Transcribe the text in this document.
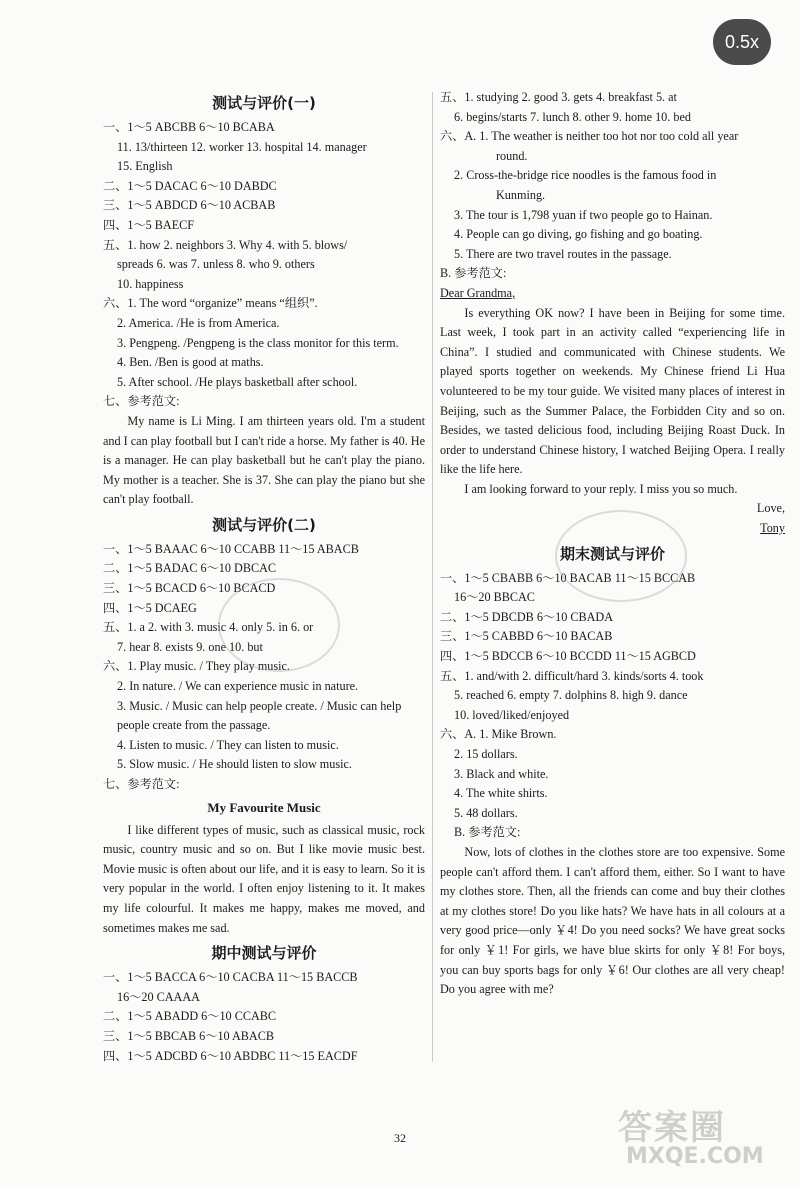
测试与评价(一)
一、1～5 ABCBB 6～10 BCABA
11. 13/thirteen 12. worker 13. hospital 14. manager
15. English
二、1～5 DACAC 6～10 DABDC
三、1～5 ABDCD 6～10 ACBAB
四、1～5 BAECF
五、1. how 2. neighbors 3. Why 4. with 5. blows/
spreads 6. was 7. unless 8. who 9. others
10. happiness
六、1. The word “organize” means “组织”.
2. America. /He is from America.
3. Pengpeng. /Pengpeng is the class monitor for this term.
4. Ben. /Ben is good at maths.
5. After school. /He plays basketball after school.
七、参考范文:
My name is Li Ming. I am thirteen years old. I'm a student and I can play football but I can't ride a horse. My father is 40. He is a manager. He can play basketball but he can't play the piano. My mother is a teacher. She is 37. She can play the piano but she can't play football.
测试与评价(二)
一、1～5 BAAAC 6～10 CCABB 11～15 ABACB
二、1～5 BADAC 6～10 DBCAC
三、1～5 BCACD 6～10 BCACD
四、1～5 DCAEG
五、1. a 2. with 3. music 4. only 5. in 6. or
7. hear 8. exists 9. one 10. but
六、1. Play music. / They play music.
2. In nature. / We can experience music in nature.
3. Music. / Music can help people create. / Music can help
people create from the passage.
4. Listen to music. / They can listen to music.
5. Slow music. / He should listen to slow music.
七、参考范文:
My Favourite Music
I like different types of music, such as classical music, rock music, country music and so on. But I like movie music best. Movie music is often about our life, and it is easy to learn. So it is very popular in the world. I often enjoy listening to it. It makes my life colourful. It makes me happy, makes me moved, and sometimes makes me sad.
期中测试与评价
一、1～5 BACCA 6～10 CACBA 11～15 BACCB
16～20 CAAAA
二、1～5 ABADD 6～10 CCABC
三、1～5 BBCAB 6～10 ABACB
四、1～5 ADCBD 6～10 ABDBC 11～15 EACDF
五、1. studying 2. good 3. gets 4. breakfast 5. at
6. begins/starts 7. lunch 8. other 9. home 10. bed
六、A. 1. The weather is neither too hot nor too cold all year
round.
2. Cross-the-bridge rice noodles is the famous food in
Kunming.
3. The tour is 1,798 yuan if two people go to Hainan.
4. People can go diving, go fishing and go boating.
5. There are two travel routes in the passage.
B. 参考范文:
Dear Grandma,
Is everything OK now? I have been in Beijing for some time. Last week, I took part in an activity called “experiencing life in China”. I studied and communicated with Chinese students. We played sports together on weekends. My Chinese friend Li Hua volunteered to be my tour guide. We visited many places of interest in Beijing, such as the Summer Palace, the Forbidden City and so on. Besides, we tasted delicious food, including Beijing Roast Duck. In order to understand Chinese history, I watched Beijing Opera. I really like the life here.
I am looking forward to your reply. I miss you so much.
Love,
Tony
期末测试与评价
一、1～5 CBABB 6～10 BACAB 11～15 BCCAB
16～20 BBCAC
二、1～5 DBCDB 6～10 CBADA
三、1～5 CABBD 6～10 BACAB
四、1～5 BDCCB 6～10 BCCDD 11～15 AGBCD
五、1. and/with 2. difficult/hard 3. kinds/sorts 4. took
5. reached 6. empty 7. dolphins 8. high 9. dance
10. loved/liked/enjoyed
六、A. 1. Mike Brown.
2. 15 dollars.
3. Black and white.
4. The white shirts.
5. 48 dollars.
B. 参考范文:
Now, lots of clothes in the clothes store are too expensive. Some people can't afford them. I can't afford them, either. So I want to have my clothes store. Then, all the friends can come and buy their clothes at my clothes store! Do you like hats? We have hats in all colours at a very good price—only ￥4! Do you need socks? We have great socks for only ￥1! For girls, we have blue skirts for only ￥8! For boys, you can buy sports bags for only ￥6! Our clothes are all very cheap! Do you agree with me?
32	答案圈
MXQE.COM
0.5x
